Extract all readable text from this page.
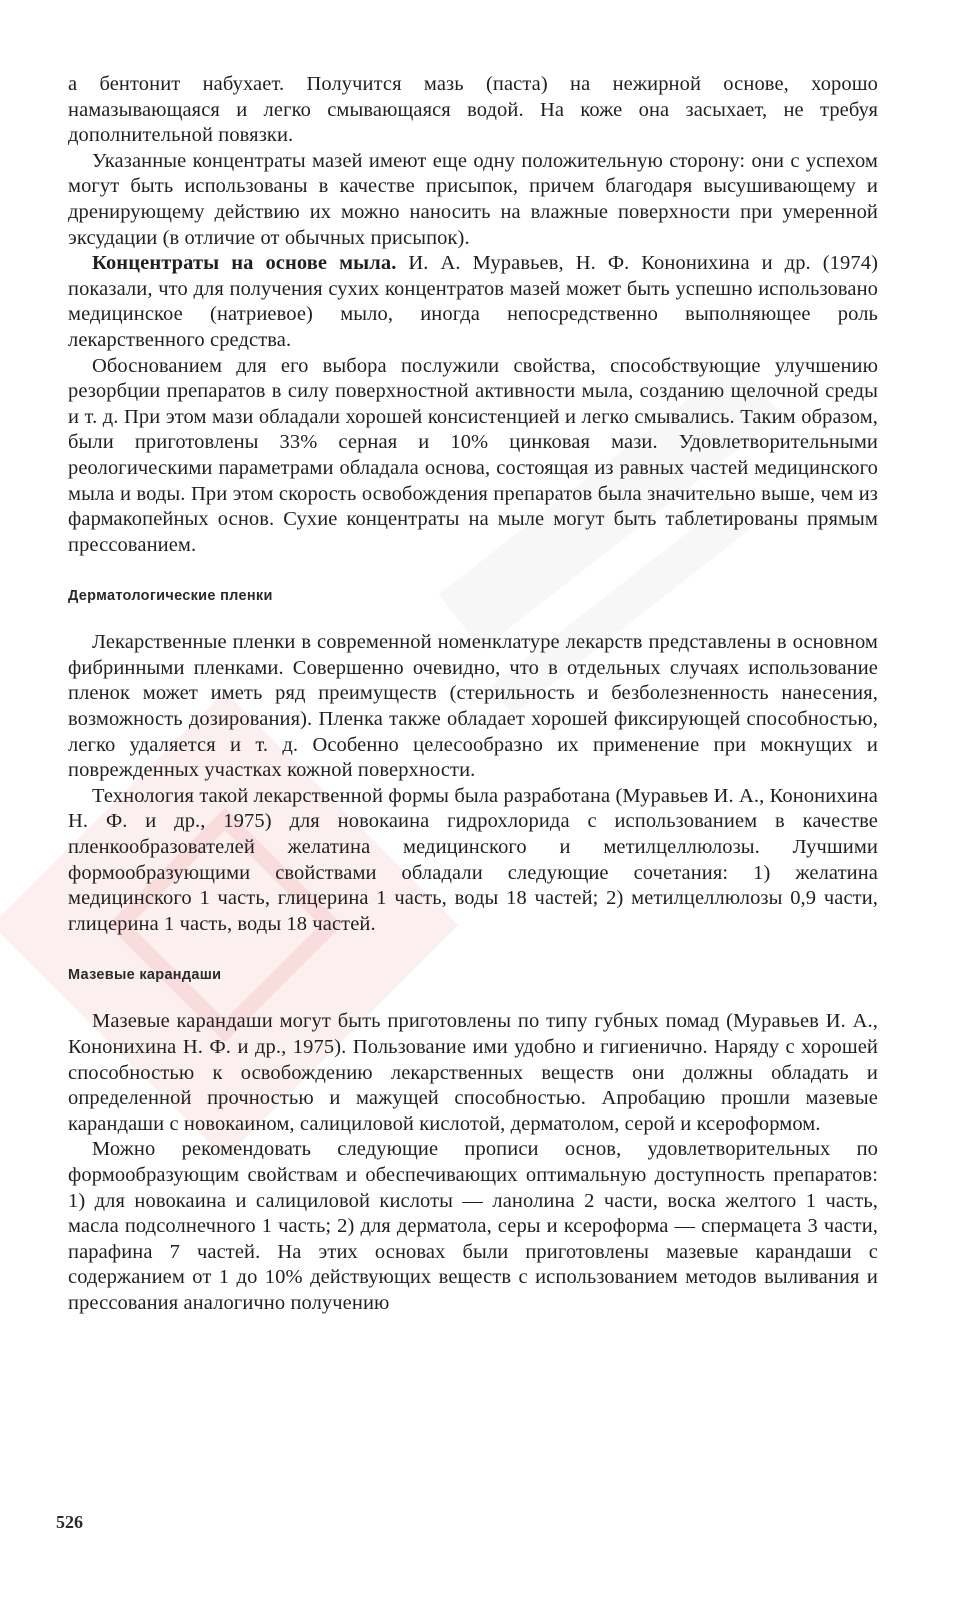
а бентонит набухает. Получится мазь (паста) на нежирной основе, хорошо намазывающаяся и легко смывающаяся водой. На коже она засыхает, не требуя дополнительной повязки.

Указанные концентраты мазей имеют еще одну положительную сторону: они с успехом могут быть использованы в качестве присыпок, причем благодаря высушивающему и дренирующему действию их можно наносить на влажные поверхности при умеренной эксудации (в отличие от обычных присыпок).

Концентраты на основе мыла. И. А. Муравьев, Н. Ф. Кононихина и др. (1974) показали, что для получения сухих концентратов мазей может быть успешно использовано медицинское (натриевое) мыло, иногда непосредственно выполняющее роль лекарственного средства.

Обоснованием для его выбора послужили свойства, способствующие улучшению резорбции препаратов в силу поверхностной активности мыла, созданию щелочной среды и т. д. При этом мази обладали хорошей консистенцией и легко смывались. Таким образом, были приготовлены 33% серная и 10% цинковая мази. Удовлетворительными реологическими параметрами обладала основа, состоящая из равных частей медицинского мыла и воды. При этом скорость освобождения препаратов была значительно выше, чем из фармакопейных основ. Сухие концентраты на мыле могут быть таблетированы прямым прессованием.

Дерматологические пленки

Лекарственные пленки в современной номенклатуре лекарств представлены в основном фибринными пленками. Совершенно очевидно, что в отдельных случаях использование пленок может иметь ряд преимуществ (стерильность и безболезненность нанесения, возможность дозирования). Пленка также обладает хорошей фиксирующей способностью, легко удаляется и т. д. Особенно целесообразно их применение при мокнущих и поврежденных участках кожной поверхности.

Технология такой лекарственной формы была разработана (Муравьев И. А., Кононихина Н. Ф. и др., 1975) для новокаина гидрохлорида с использованием в качестве пленкообразователей желатина медицинского и метилцеллюлозы. Лучшими формообразующими свойствами обладали следующие сочетания: 1) желатина медицинского 1 часть, глицерина 1 часть, воды 18 частей; 2) метилцеллюлозы 0,9 части, глицерина 1 часть, воды 18 частей.

Мазевые карандаши

Мазевые карандаши могут быть приготовлены по типу губных помад (Муравьев И. А., Кононихина Н. Ф. и др., 1975). Пользование ими удобно и гигиенично. Наряду с хорошей способностью к освобождению лекарственных веществ они должны обладать и определенной прочностью и мажущей способностью. Апробацию прошли мазевые карандаши с новокаином, салициловой кислотой, дерматолом, серой и ксероформом.

Можно рекомендовать следующие прописи основ, удовлетворительных по формообразующим свойствам и обеспечивающих оптимальную доступность препаратов: 1) для новокаина и салициловой кислоты — ланолина 2 части, воска желтого 1 часть, масла подсолнечного 1 часть; 2) для дерматола, серы и ксероформа — спермацета 3 части, парафина 7 частей. На этих основах были приготовлены мазевые карандаши с содержанием от 1 до 10% действующих веществ с использованием методов выливания и прессования аналогично получению

526
